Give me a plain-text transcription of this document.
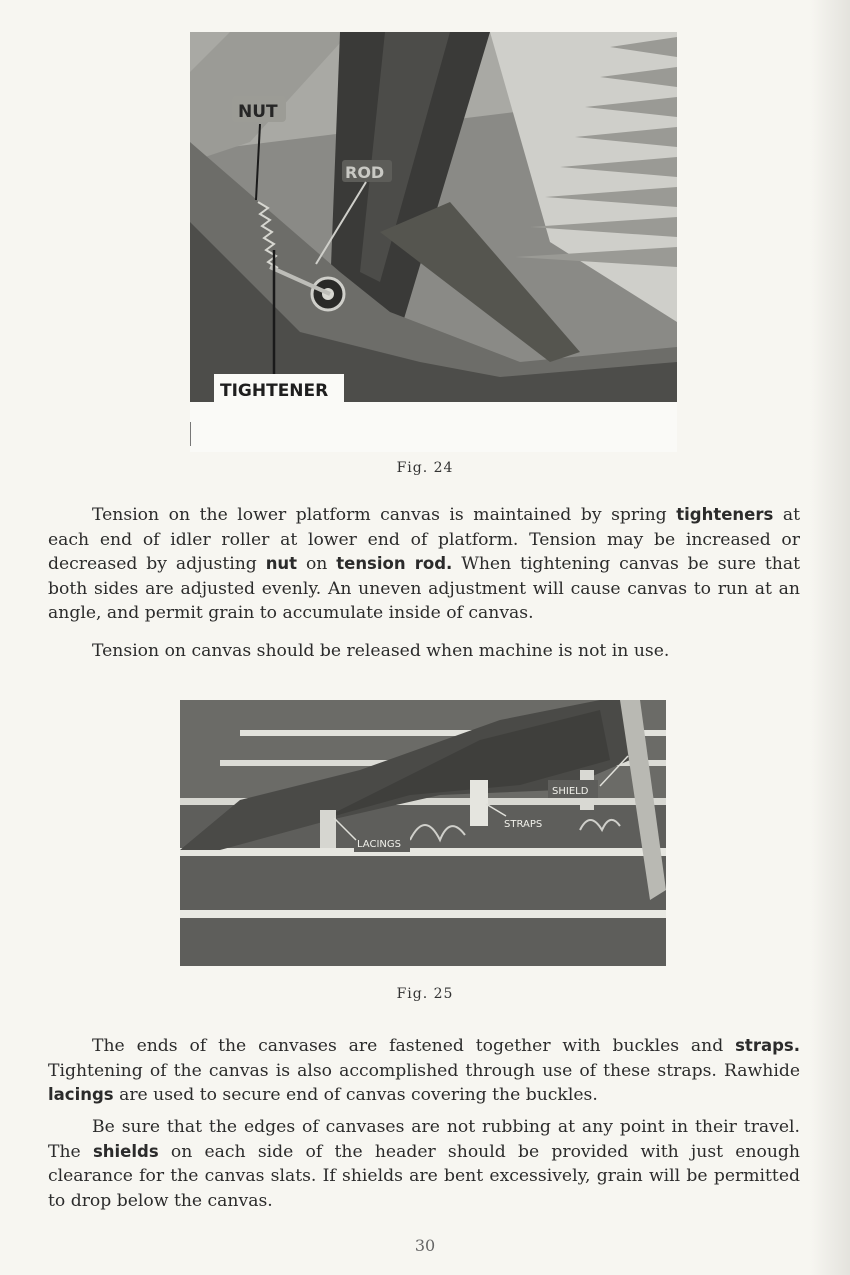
NUT
ROD
TIGHTENER
Fig. 24

Tension on the lower platform canvas is maintained by spring tighteners at each end of idler roller at lower end of platform. Tension may be increased or decreased by adjusting nut on tension rod. When tightening canvas be sure that both sides are adjusted evenly. An uneven adjustment will cause canvas to run at an angle, and permit grain to accumulate inside of canvas.

Tension on canvas should be released when machine is not in use.

SHIELD
STRAPS
LACINGS
Fig. 25

The ends of the canvases are fastened together with buckles and straps. Tightening of the canvas is also accomplished through use of these straps. Rawhide lacings are used to secure end of canvas covering the buckles.

Be sure that the edges of canvases are not rubbing at any point in their travel. The shields on each side of the header should be provided with just enough clearance for the canvas slats. If shields are bent excessively, grain will be permitted to drop below the canvas.

30
